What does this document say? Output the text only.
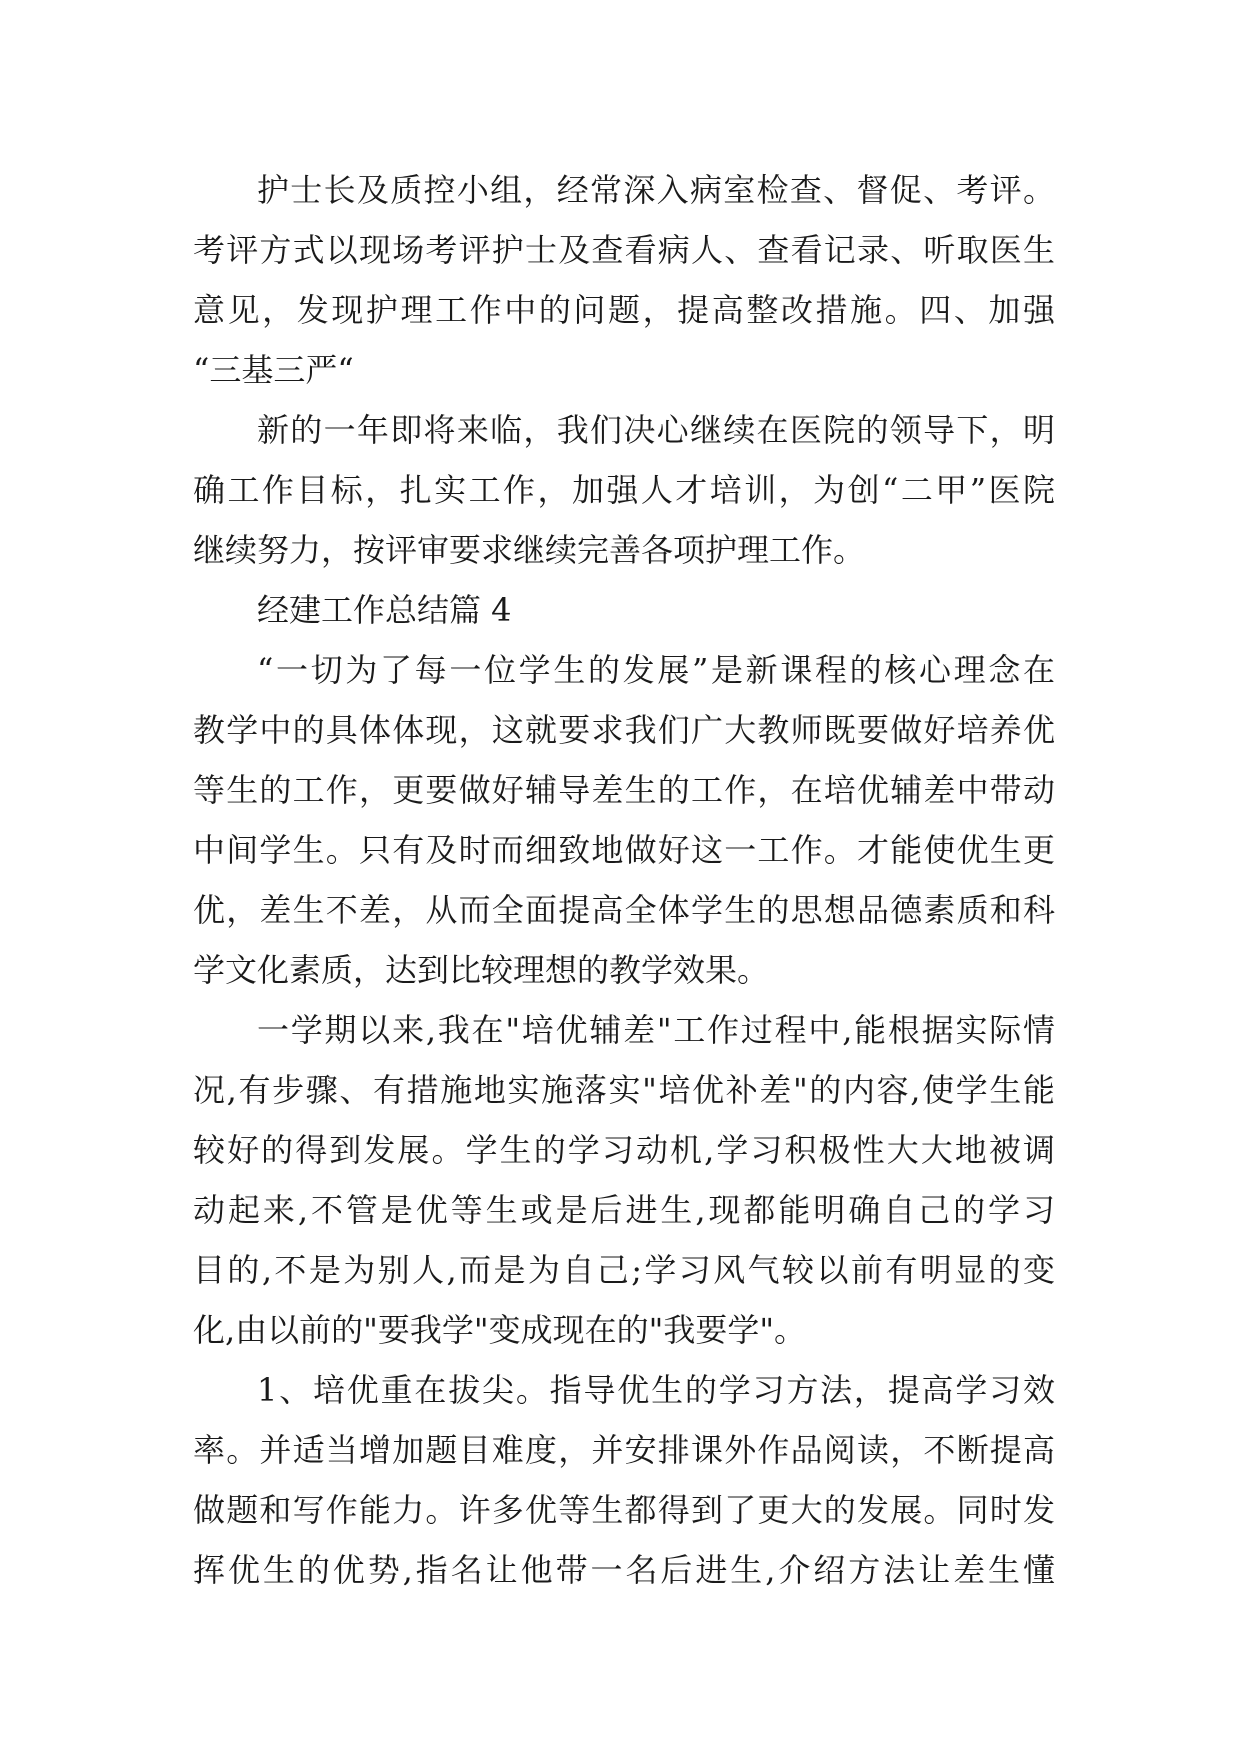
护士长及质控小组，经常深入病室检查、督促、考评。
考评方式以现场考评护士及查看病人、查看记录、听取医生
意见，发现护理工作中的问题，提高整改措施。四、加强
“三基三严“
新的一年即将来临，我们决心继续在医院的领导下，明
确工作目标，扎实工作，加强人才培训，为创“二甲”医院
继续努力，按评审要求继续完善各项护理工作。
经建工作总结篇 4
“一切为了每一位学生的发展”是新课程的核心理念在
教学中的具体体现，这就要求我们广大教师既要做好培养优
等生的工作，更要做好辅导差生的工作，在培优辅差中带动
中间学生。只有及时而细致地做好这一工作。才能使优生更
优，差生不差，从而全面提高全体学生的思想品德素质和科
学文化素质，达到比较理想的教学效果。
一学期以来,我在"培优辅差"工作过程中,能根据实际情
况,有步骤、有措施地实施落实"培优补差"的内容,使学生能
较好的得到发展。学生的学习动机,学习积极性大大地被调
动起来,不管是优等生或是后进生,现都能明确自己的学习
目的,不是为别人,而是为自己;学习风气较以前有明显的变
化,由以前的"要我学"变成现在的"我要学"。
1、培优重在拔尖。指导优生的学习方法，提高学习效
率。并适当增加题目难度，并安排课外作品阅读，不断提高
做题和写作能力。许多优等生都得到了更大的发展。同时发
挥优生的优势,指名让他带一名后进生,介绍方法让差生懂
